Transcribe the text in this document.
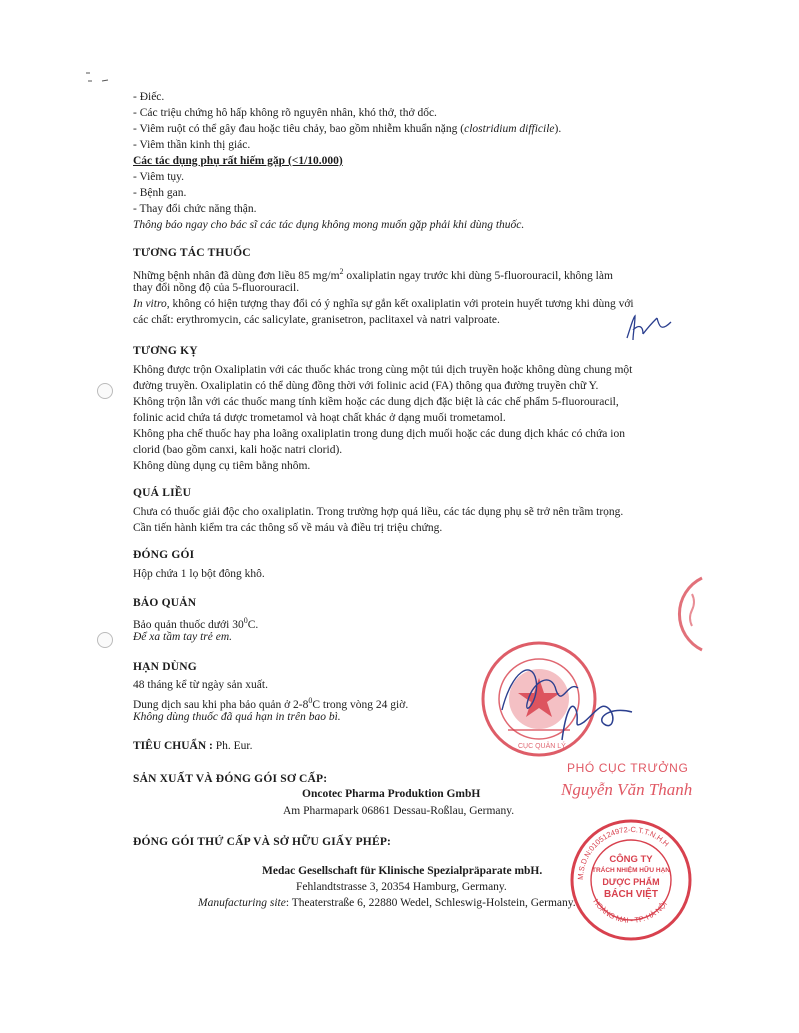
- Điếc.
- Các triệu chứng hô hấp không rõ nguyên nhân, khó thở, thở dốc.
- Viêm ruột có thể gây đau hoặc tiêu chảy, bao gồm nhiễm khuẩn nặng (clostridium difficile).
- Viêm thần kinh thị giác.
Các tác dụng phụ rất hiếm gặp (<1/10.000)
- Viêm tụy.
- Bệnh gan.
- Thay đổi chức năng thận.
Thông báo ngay cho bác sĩ các tác dụng không mong muốn gặp phải khi dùng thuốc.
TƯƠNG TÁC THUỐC
Những bệnh nhân đã dùng đơn liều 85 $mg/m^2$ oxaliplatin ngay trước khi dùng 5-fluorouracil, không làm
thay đổi nồng độ của 5-fluorouracil.
In vitro, không có hiện tượng thay đổi có ý nghĩa sự gắn kết oxaliplatin với protein huyết tương khi dùng với
các chất: erythromycin, các salicylate, granisetron, paclitaxel và natri valproate.
TƯƠNG KỴ
Không được trộn Oxaliplatin với các thuốc khác trong cùng một túi dịch truyền hoặc không dùng chung một
đường truyền. Oxaliplatin có thể dùng đồng thời với folinic acid (FA) thông qua đường truyền chữ Y.
Không trộn lẫn với các thuốc mang tính kiềm hoặc các dung dịch đặc biệt là các chế phẩm 5-fluorouracil,
folinic acid chứa tá dược trometamol và hoạt chất khác ở dạng muối trometamol.
Không pha chế thuốc hay pha loãng oxaliplatin trong dung dịch muối hoặc các dung dịch khác có chứa ion
clorid (bao gồm canxi, kali hoặc natri clorid).
Không dùng dụng cụ tiêm bằng nhôm.
QUÁ LIỀU
Chưa có thuốc giải độc cho oxaliplatin. Trong trường hợp quá liều, các tác dụng phụ sẽ trở nên trầm trọng.
Cần tiến hành kiểm tra các thông số về máu và điều trị triệu chứng.
ĐÓNG GÓI
Hộp chứa 1 lọ bột đông khô.
BẢO QUẢN
Bảo quản thuốc dưới $30^0C$.
Để xa tầm tay trẻ em.
HẠN DÙNG
48 tháng kể từ ngày sản xuất.
Dung dịch sau khi pha bảo quản ở $2-8^0C$ trong vòng 24 giờ.
Không dùng thuốc đã quá hạn in trên bao bì.
TIÊU CHUẨN : Ph. Eur.
SẢN XUẤT VÀ ĐÓNG GÓI SƠ CẤP:
Oncotec Pharma Produktion GmbH
Am Pharmapark 06861 Dessau-Roßlau, Germany.
ĐÓNG GÓI THỨ CẤP VÀ SỞ HỮU GIẤY PHÉP:
Medac Gesellschaft für Klinische Spezialpräparate mbH.
Fehlandtstrasse 3, 20354 Hamburg, Germany.
Manufacturing site: Theaterstraße 6, 22880 Wedel, Schleswig-Holstein, Germany.
CỤC QUẢN LÝ
PHÓ CỤC TRƯỞNG
Nguyễn Văn Thanh
M.S.D.N:0105124972-C.T.T.N.H.H
HOÀNG MAI - TP. HÀ NỘI
CÔNG TY
TRÁCH NHIỆM HỮU HẠN
DƯỢC PHẨM
BÁCH VIỆT
